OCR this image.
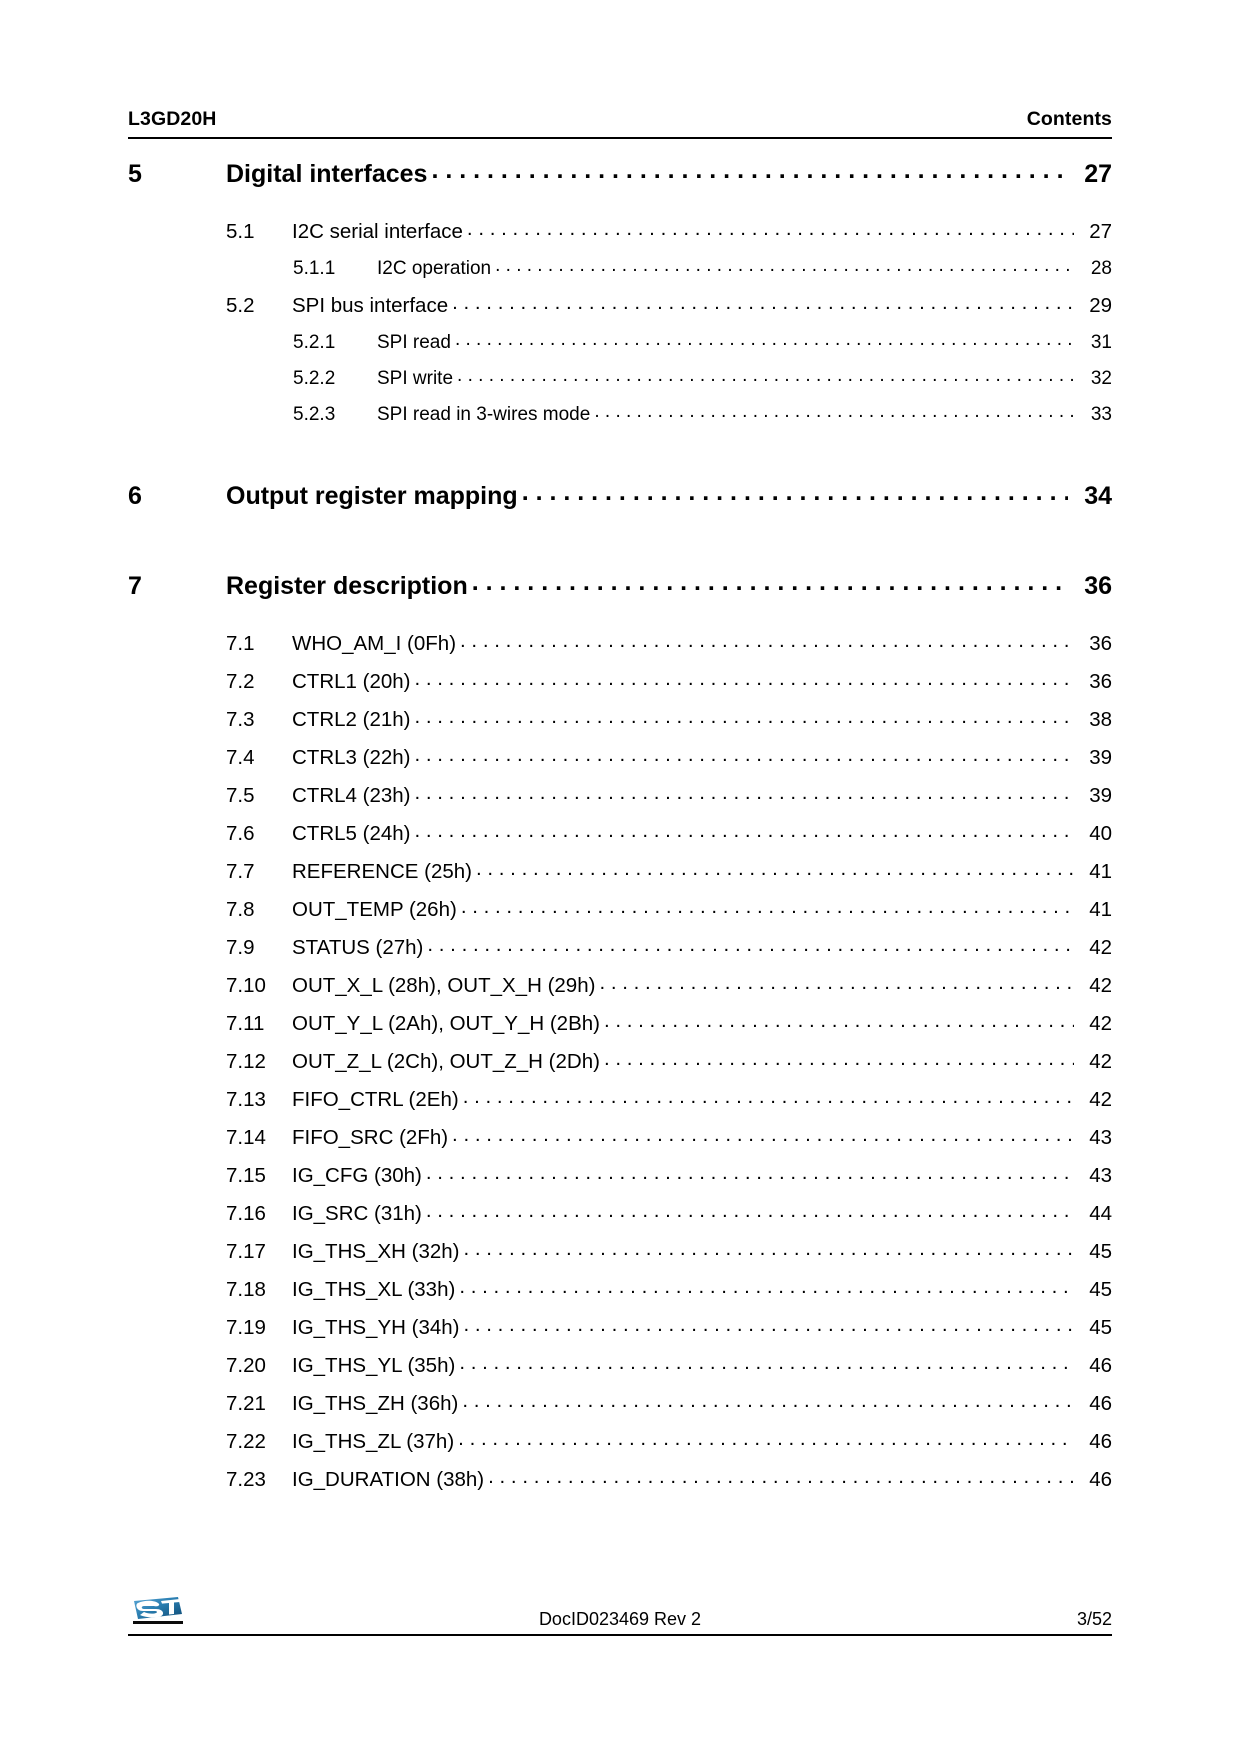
L3GD20H	Contents
5	Digital interfaces . . .	27
5.1	I2C serial interface . . .	27
5.1.1	I2C operation . . .	28
5.2	SPI bus interface . . .	29
5.2.1	SPI read . . .	31
5.2.2	SPI write . . .	32
5.2.3	SPI read in 3-wires mode . . .	33
6	Output register mapping . . .	34
7	Register description . . .	36
7.1	WHO_AM_I (0Fh) . . .	36
7.2	CTRL1 (20h) . . .	36
7.3	CTRL2 (21h) . . .	38
7.4	CTRL3 (22h) . . .	39
7.5	CTRL4 (23h) . . .	39
7.6	CTRL5 (24h) . . .	40
7.7	REFERENCE (25h) . . .	41
7.8	OUT_TEMP (26h) . . .	41
7.9	STATUS (27h) . . .	42
7.10	OUT_X_L (28h), OUT_X_H (29h) . . .	42
7.11	OUT_Y_L (2Ah), OUT_Y_H (2Bh) . . .	42
7.12	OUT_Z_L (2Ch), OUT_Z_H (2Dh) . . .	42
7.13	FIFO_CTRL (2Eh) . . .	42
7.14	FIFO_SRC (2Fh) . . .	43
7.15	IG_CFG (30h) . . .	43
7.16	IG_SRC (31h) . . .	44
7.17	IG_THS_XH (32h) . . .	45
7.18	IG_THS_XL (33h) . . .	45
7.19	IG_THS_YH (34h) . . .	45
7.20	IG_THS_YL (35h) . . .	46
7.21	IG_THS_ZH (36h) . . .	46
7.22	IG_THS_ZL (37h) . . .	46
7.23	IG_DURATION (38h) . . .	46
DocID023469 Rev 2	3/52
